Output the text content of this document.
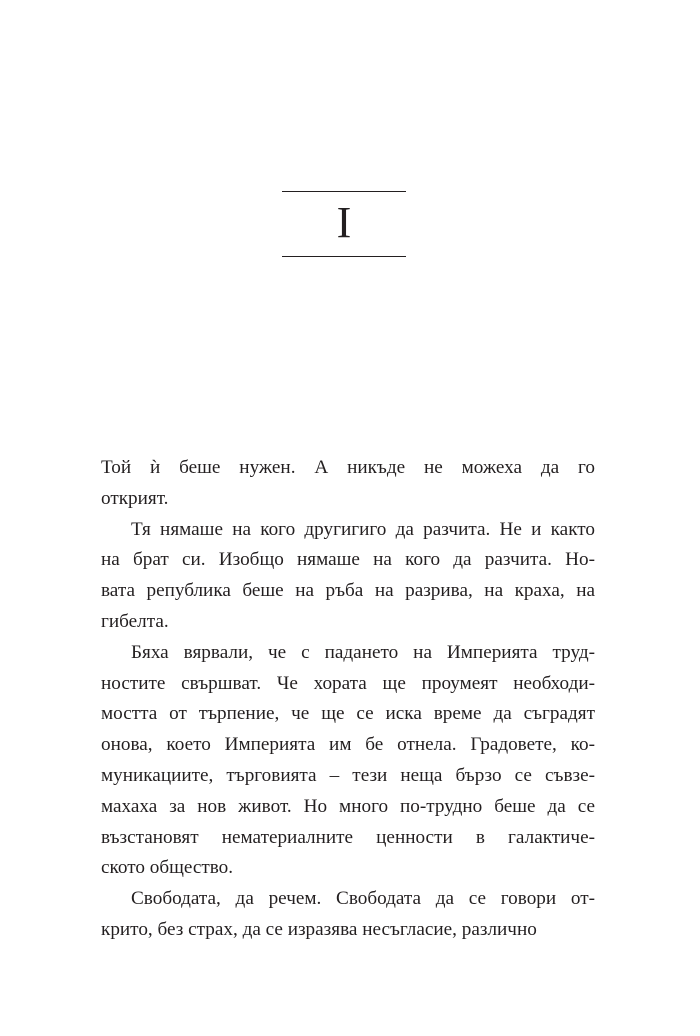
I

Той ѝ беше нужен. А никъде не можеха да го
открият.

Тя нямаше на кого другигиго да разчита. Не и както
на брат си. Изобщо нямаше на кого да разчита. Но-
вата република беше на ръба на разрива, на краха, на
гибелта.

Бяха вярвали, че с падането на Империята труд-
ностите свършват. Че хората ще проумеят необходи-
мостта от търпение, че ще се иска време да съградят
онова, което Империята им бе отнела. Градовете, ко-
муникациите, търговията – тези неща бързо се съвзе-
махаха за нов живот. Но много по-трудно беше да се
възстановят нематериалните ценности в галактиче-
ското общество.

Свободата, да речем. Свободата да се говори от-
крито, без страх, да се изразява несъгласие, различно
